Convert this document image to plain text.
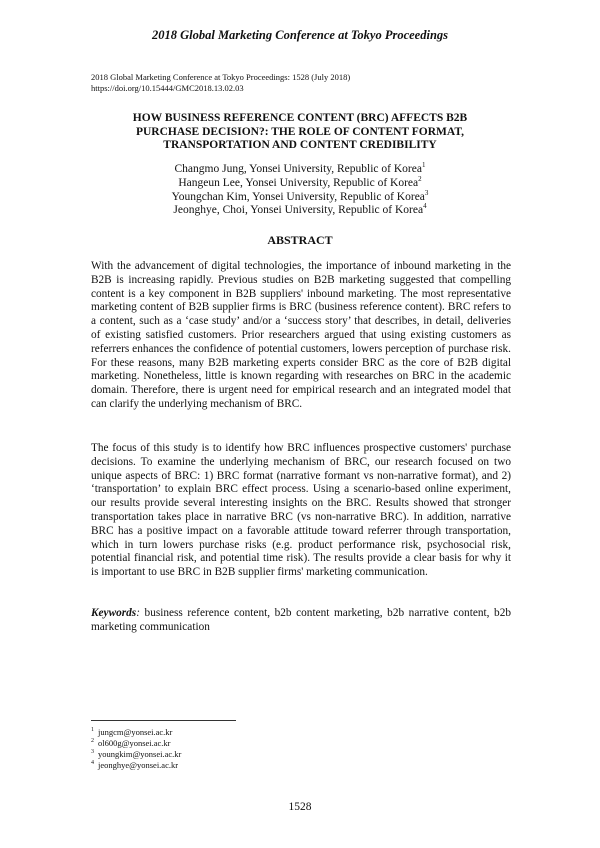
2018 Global Marketing Conference at Tokyo Proceedings
2018 Global Marketing Conference at Tokyo Proceedings: 1528 (July 2018)
https://doi.org/10.15444/GMC2018.13.02.03
HOW BUSINESS REFERENCE CONTENT (BRC) AFFECTS B2B
PURCHASE DECISION?: THE ROLE OF CONTENT FORMAT,
TRANSPORTATION AND CONTENT CREDIBILITY
Changmo Jung, Yonsei University, Republic of Korea$^1$
Hangeun Lee, Yonsei University, Republic of Korea$^2$
Youngchan Kim, Yonsei University, Republic of Korea$^3$
Jeonghye, Choi, Yonsei University, Republic of Korea$^4$
ABSTRACT
With the advancement of digital technologies, the importance of inbound marketing in the B2B is increasing rapidly. Previous studies on B2B marketing suggested that compelling content is a key component in B2B suppliers' inbound marketing. The most representative marketing content of B2B supplier firms is BRC (business reference content). BRC refers to a content, such as a ‘case study’ and/or a ‘success story’ that describes, in detail, deliveries of existing satisfied customers. Prior researchers argued that using existing customers as referrers enhances the confidence of potential customers, lowers perception of purchase risk. For these reasons, many B2B marketing experts consider BRC as the core of B2B digital marketing. Nonetheless, little is known regarding with researches on BRC in the academic domain. Therefore, there is urgent need for empirical research and an integrated model that can clarify the underlying mechanism of BRC.
The focus of this study is to identify how BRC influences prospective customers' purchase decisions. To examine the underlying mechanism of BRC, our research focused on two unique aspects of BRC: 1) BRC format (narrative formant vs non-narrative format), and 2) ‘transportation’ to explain BRC effect process. Using a scenario-based online experiment, our results provide several interesting insights on the BRC. Results showed that stronger transportation takes place in narrative BRC (vs non-narrative BRC). In addition, narrative BRC has a positive impact on a favorable attitude toward referrer through transportation, which in turn lowers purchase risks (e.g. product performance risk, psychosocial risk, potential financial risk, and potential time risk). The results provide a clear basis for why it is important to use BRC in B2B supplier firms' marketing communication.
Keywords: business reference content, b2b content marketing, b2b narrative content, b2b marketing communication
$^1$ jungcm@yonsei.ac.kr
$^2$ ol600g@yonsei.ac.kr
$^3$ youngkim@yonsei.ac.kr
$^4$ jeonghye@yonsei.ac.kr
1528
